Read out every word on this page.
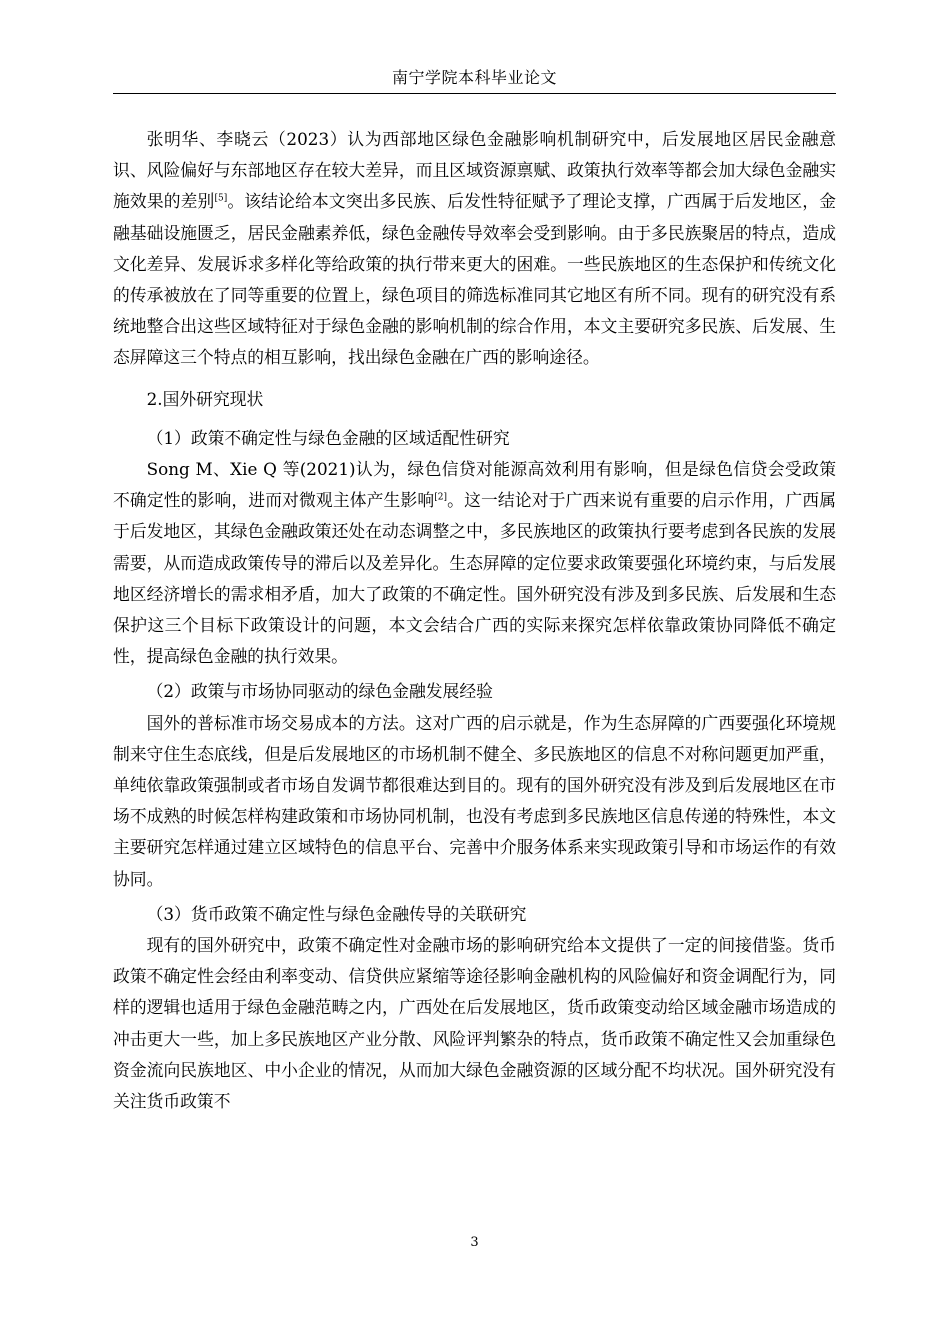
南宁学院本科毕业论文

张明华、李晓云（2023）认为西部地区绿色金融影响机制研究中，后发展地区居民金融意识、风险偏好与东部地区存在较大差异，而且区域资源禀赋、政策执行效率等都会加大绿色金融实施效果的差别[5]。该结论给本文突出多民族、后发性特征赋予了理论支撑，广西属于后发地区，金融基础设施匮乏，居民金融素养低，绿色金融传导效率会受到影响。由于多民族聚居的特点，造成文化差异、发展诉求多样化等给政策的执行带来更大的困难。一些民族地区的生态保护和传统文化的传承被放在了同等重要的位置上，绿色项目的筛选标准同其它地区有所不同。现有的研究没有系统地整合出这些区域特征对于绿色金融的影响机制的综合作用，本文主要研究多民族、后发展、生态屏障这三个特点的相互影响，找出绿色金融在广西的影响途径。

2.国外研究现状

（1）政策不确定性与绿色金融的区域适配性研究

Song M、Xie Q 等(2021)认为，绿色信贷对能源高效利用有影响，但是绿色信贷会受政策不确定性的影响，进而对微观主体产生影响[2]。这一结论对于广西来说有重要的启示作用，广西属于后发地区，其绿色金融政策还处在动态调整之中，多民族地区的政策执行要考虑到各民族的发展需要，从而造成政策传导的滞后以及差异化。生态屏障的定位要求政策要强化环境约束，与后发展地区经济增长的需求相矛盾，加大了政策的不确定性。国外研究没有涉及到多民族、后发展和生态保护这三个目标下政策设计的问题，本文会结合广西的实际来探究怎样依靠政策协同降低不确定性，提高绿色金融的执行效果。

（2）政策与市场协同驱动的绿色金融发展经验

国外的普标准市场交易成本的方法。这对广西的启示就是，作为生态屏障的广西要强化环境规制来守住生态底线，但是后发展地区的市场机制不健全、多民族地区的信息不对称问题更加严重，单纯依靠政策强制或者市场自发调节都很难达到目的。现有的国外研究没有涉及到后发展地区在市场不成熟的时候怎样构建政策和市场协同机制，也没有考虑到多民族地区信息传递的特殊性，本文主要研究怎样通过建立区域特色的信息平台、完善中介服务体系来实现政策引导和市场运作的有效协同。

（3）货币政策不确定性与绿色金融传导的关联研究

现有的国外研究中，政策不确定性对金融市场的影响研究给本文提供了一定的间接借鉴。货币政策不确定性会经由利率变动、信贷供应紧缩等途径影响金融机构的风险偏好和资金调配行为，同样的逻辑也适用于绿色金融范畴之内，广西处在后发展地区，货币政策变动给区域金融市场造成的冲击更大一些，加上多民族地区产业分散、风险评判繁杂的特点，货币政策不确定性又会加重绿色资金流向民族地区、中小企业的情况，从而加大绿色金融资源的区域分配不均状况。国外研究没有关注货币政策不

3
